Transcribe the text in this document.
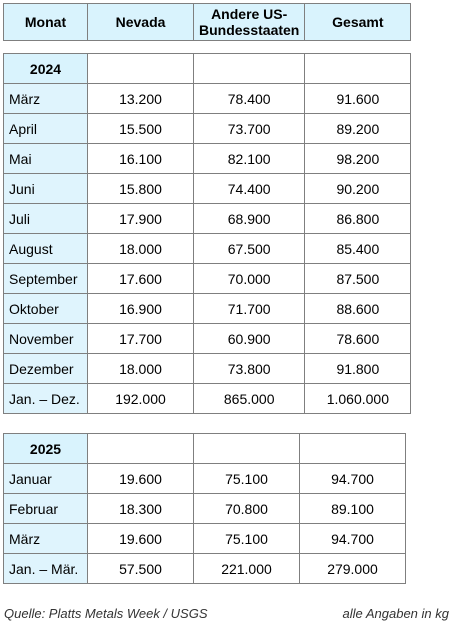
Monat	Nevada	Andere US-
Bundesstaaten	Gesamt

2024			
März	13.200	78.400	91.600
April	15.500	73.700	89.200
Mai	16.100	82.100	98.200
Juni	15.800	74.400	90.200
Juli	17.900	68.900	86.800
August	18.000	67.500	85.400
September	17.600	70.000	87.500
Oktober	16.900	71.700	88.600
November	17.700	60.900	78.600
Dezember	18.000	73.800	91.800
Jan. – Dez.	192.000	865.000	1.060.000
2025			
Januar	19.600	75.100	94.700
Februar	18.300	70.800	89.100
März	19.600	75.100	94.700
Jan. – Mär.	57.500	221.000	279.000
Quelle: Platts Metals Week / USGS	alle Angaben in kg
